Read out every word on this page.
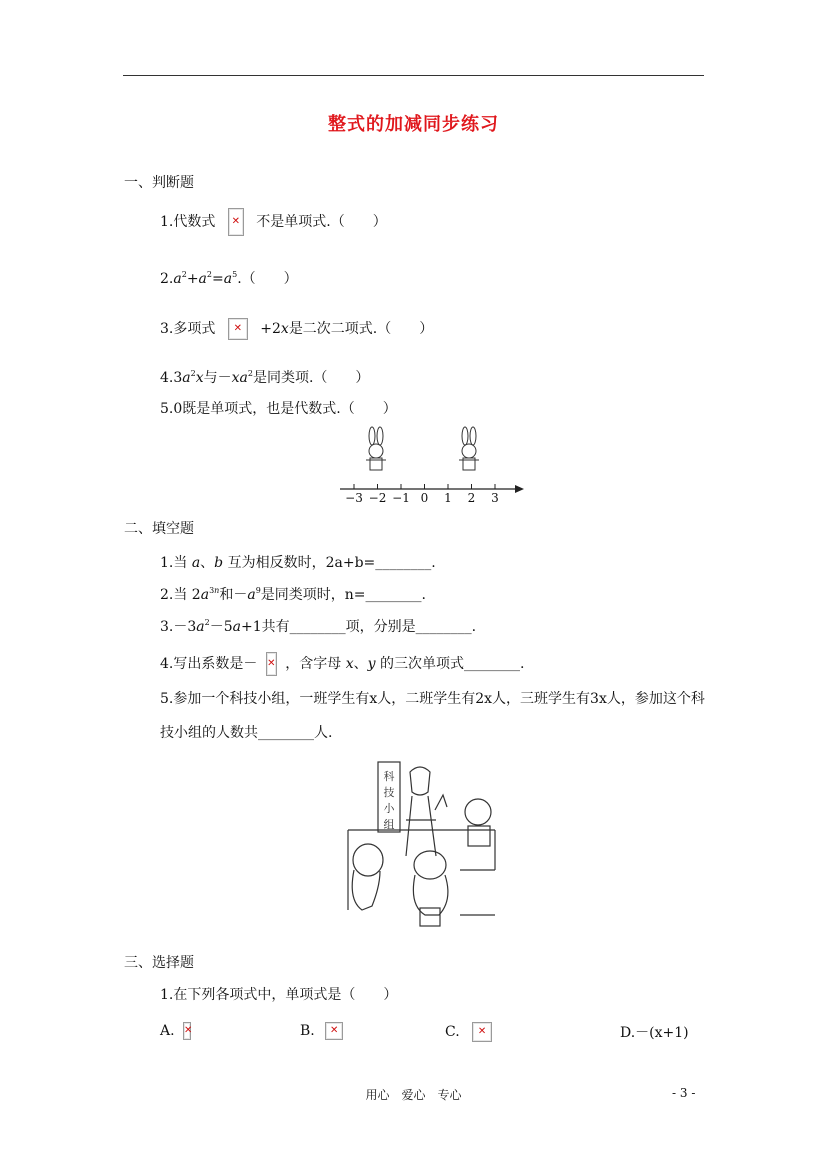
整式的加减同步练习
一、判断题
1.代数式 ✕	不是单项式.（　　）
$2.a^2+a^2=a^5$.（　　）
3.多项式 ✕	+2x是二次二项式.（　　）
$4.3a^2x$与$-xa^2$是同类项.（　　）
5.0既是单项式，也是代数式.（　　）
−3 −2 −1 0 1 2 3
二、填空题
1.当 a、b 互为相反数时，2a+b=________.
2.当 $2a^{3n}$和$-a^9$是同类项时，n=________.
$3.-3a^2-5a+1$共有________项，分别是________.
4.写出系数是－ ✕ ，含字母 x、y 的三次单项式________.
5.参加一个科技小组，一班学生有x人，二班学生有2x人，三班学生有3x人，参加这个科技小组的人数共________人.
科
技
小
组
三、选择题
1.在下列各项式中，单项式是（　　）
A. ✕	B. ✕	C. ✕	D.－(x+1)
用心　爱心　专心	- 3 -
